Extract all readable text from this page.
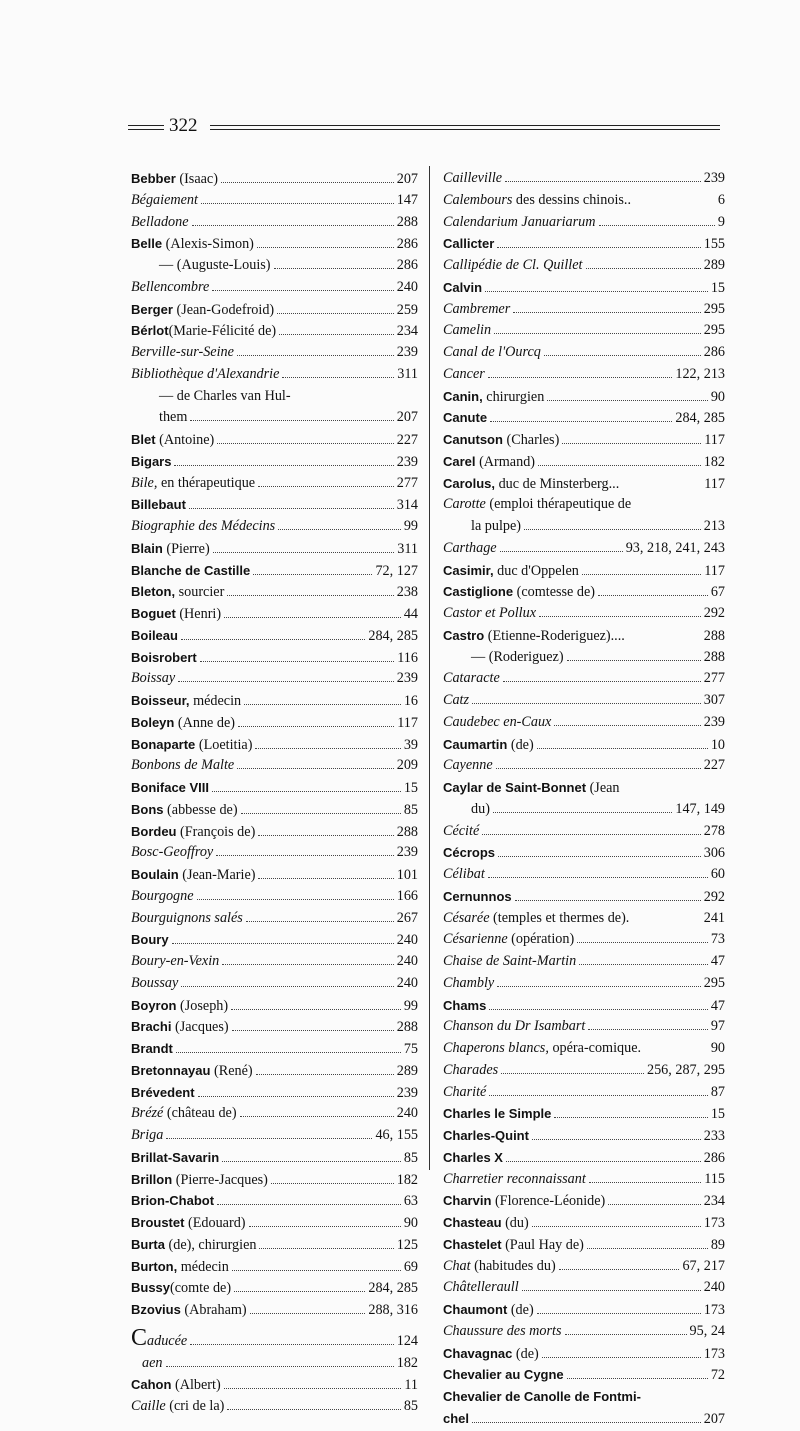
322
Bebber (Isaac)	207
Bégaiement	147
Belladone	288
Belle (Alexis-Simon)	286
— (Auguste-Louis)	286
Bellencombre	240
Berger (Jean-Godefroid)	259
Bérlot(Marie-Félicité de)	234
Berville-sur-Seine	239
Bibliothèque d'Alexandrie	311
— de Charles van Hul-
them	207
Blet (Antoine)	227
Bigars	239
Bile, en thérapeutique	277
Billebaut	314
Biographie des Médecins	99
Blain (Pierre)	311
Blanche de Castille	72, 127
Bleton, sourcier	238
Boguet (Henri)	44
Boileau	284, 285
Boisrobert	116
Boissay	239
Boisseur, médecin	16
Boleyn (Anne de)	117
Bonaparte (Loetitia)	39
Bonbons de Malte	209
Boniface VIII	15
Bons (abbesse de)	85
Bordeu (François de)	288
Bosc-Geoffroy	239
Boulain (Jean-Marie)	101
Bourgogne	166
Bourguignons salés	267
Boury	240
Boury-en-Vexin	240
Boussay	240
Boyron (Joseph)	99
Brachi (Jacques)	288
Brandt	75
Bretonnayau (René)	289
Brévedent	239
Brézé (château de)	240
Briga	46, 155
Brillat-Savarin	85
Brillon (Pierre-Jacques)	182
Brion-Chabot	63
Broustet (Edouard)	90
Burta (de), chirurgien	125
Burton, médecin	69
Bussy(comte de)	284, 285
Bzovius (Abraham)	288, 316
Caducée	124
aen	182
Cahon (Albert)	11
Caille (cri de la)	85
Cailleville	239
Calembours des dessins chinois..	6
Calendarium Januariarum	9
Callicter	155
Callipédie de Cl. Quillet	289
Calvin	15
Cambremer	295
Camelin	295
Canal de l'Ourcq	286
Cancer	122, 213
Canin, chirurgien	90
Canute	284, 285
Canutson (Charles)	117
Carel (Armand)	182
Carolus, duc de Minsterberg...	117
Carotte (emploi thérapeutique de
la pulpe)	213
Carthage	93, 218, 241, 243
Casimir, duc d'Oppelen	117
Castiglione (comtesse de)	67
Castor et Pollux	292
Castro (Etienne-Roderiguez)....	288
— (Roderiguez)	288
Cataracte	277
Catz	307
Caudebec en-Caux	239
Caumartin (de)	10
Cayenne	227
Caylar de Saint-Bonnet (Jean
du)	147, 149
Cécité	278
Cécrops	306
Célibat	60
Cernunnos	292
Césarée (temples et thermes de).	241
Césarienne (opération)	73
Chaise de Saint-Martin	47
Chambly	295
Chams	47
Chanson du Dr Isambart	97
Chaperons blancs, opéra-comique.	90
Charades	256, 287, 295
Charité	87
Charles le Simple	15
Charles-Quint	233
Charles X	286
Charretier reconnaissant	115
Charvin (Florence-Léonide)	234
Chasteau (du)	173
Chastelet (Paul Hay de)	89
Chat (habitudes du)	67, 217
Châtelleraull	240
Chaumont (de)	173
Chaussure des morts	95, 24
Chavagnac (de)	173
Chevalier au Cygne	72
Chevalier de Canolle de Fontmi-
chel	207
